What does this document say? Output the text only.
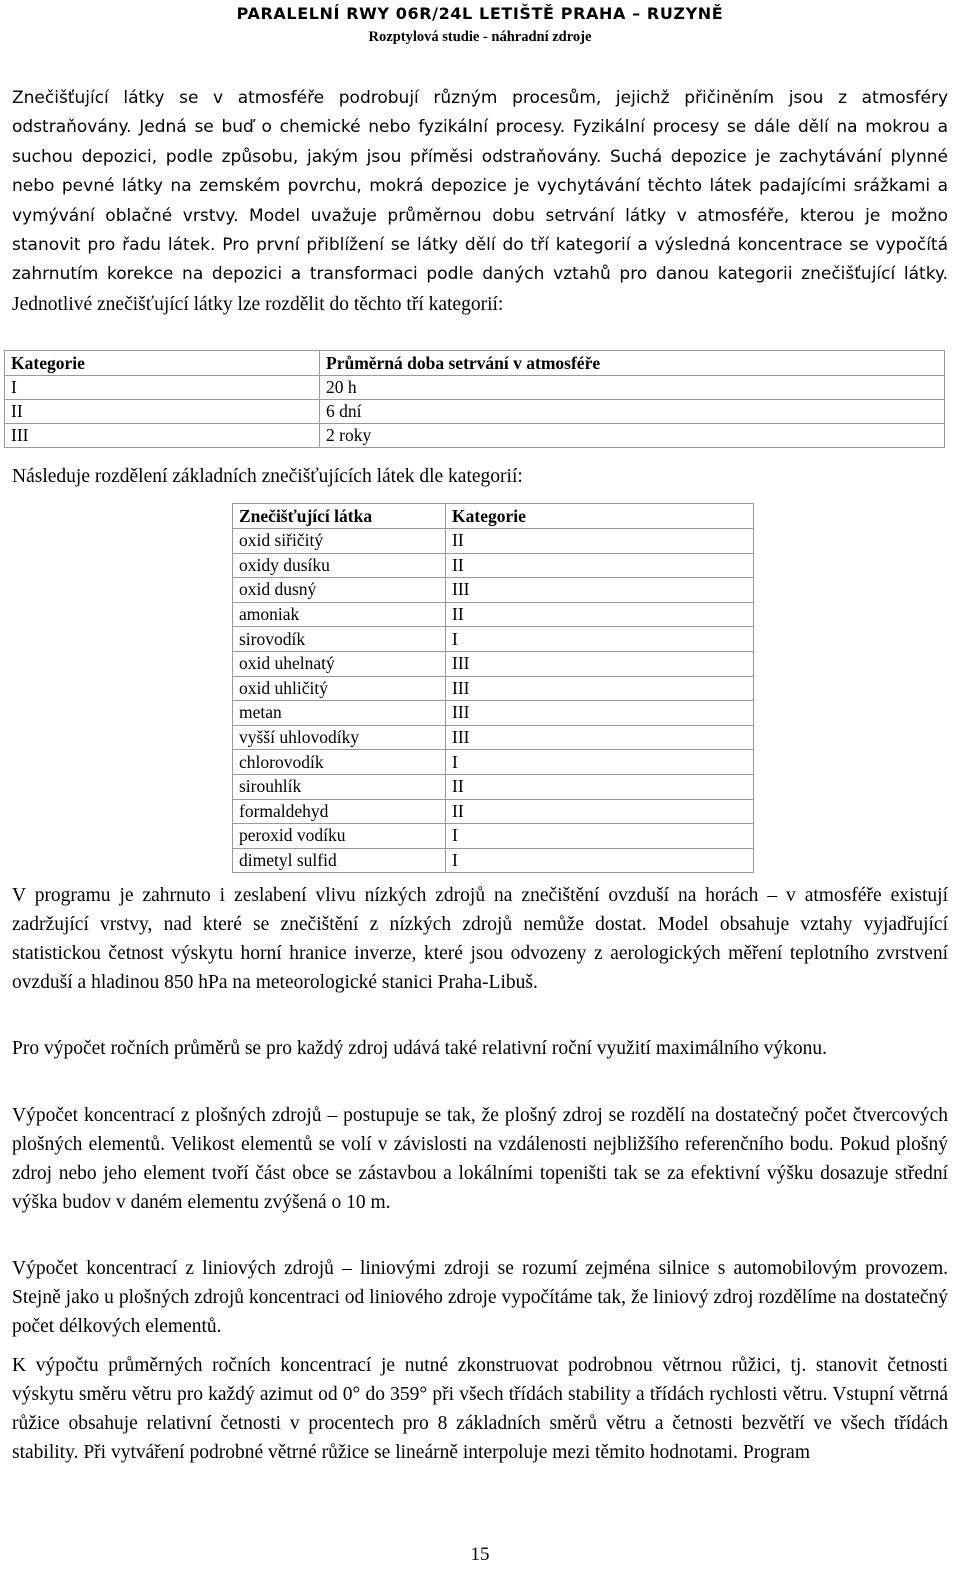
PARALELNÍ RWY 06R/24L LETIŠTĚ PRAHA – RUZYNĚ
Rozptylová studie - náhradní zdroje

Znečišťující látky se v atmosféře podrobují různým procesům, jejichž přičiněním jsou z atmosféry odstraňovány. Jedná se buď o chemické nebo fyzikální procesy. Fyzikální procesy se dále dělí na mokrou a suchou depozici, podle způsobu, jakým jsou příměsi odstraňovány. Suchá depozice je zachytávání plynné nebo pevné látky na zemském povrchu, mokrá depozice je vychytávání těchto látek padajícími srážkami a vymývání oblačné vrstvy. Model uvažuje průměrnou dobu setrvání látky v atmosféře, kterou je možno stanovit pro řadu látek. Pro první přiblížení se látky dělí do tří kategorií a výsledná koncentrace se vypočítá zahrnutím korekce na depozici a transformaci podle daných vztahů pro danou kategorii znečišťující látky. Jednotlivé znečišťující látky lze rozdělit do těchto tří kategorií:

Kategorie	Průměrná doba setrvání v atmosféře
I	20 h
II	6 dní
III	2 roky

Následuje rozdělení základních znečišťujících látek dle kategorií:

Znečišťující látka	Kategorie
oxid siřičitý	II
oxidy dusíku	II
oxid dusný	III
amoniak	II
sirovodík	I
oxid uhelnatý	III
oxid uhličitý	III
metan	III
vyšší uhlovodíky	III
chlorovodík	I
sirouhlík	II
formaldehyd	II
peroxid vodíku	I
dimetyl sulfid	I

V programu je zahrnuto i zeslabení vlivu nízkých zdrojů na znečištění ovzduší na horách – v atmosféře existují zadržující vrstvy, nad které se znečištění z nízkých zdrojů nemůže dostat. Model obsahuje vztahy vyjadřující statistickou četnost výskytu horní hranice inverze, které jsou odvozeny z aerologických měření teplotního zvrstvení ovzduší a hladinou 850 hPa na meteorologické stanici Praha-Libuš.

Pro výpočet ročních průměrů se pro každý zdroj udává také relativní roční využití maximálního výkonu.

Výpočet koncentrací z plošných zdrojů – postupuje se tak, že plošný zdroj se rozdělí na dostatečný počet čtvercových plošných elementů. Velikost elementů se volí v závislosti na vzdálenosti nejbližšího referenčního bodu. Pokud plošný zdroj nebo jeho element tvoří část obce se zástavbou a lokálními topeništi tak se za efektivní výšku dosazuje střední výška budov v daném elementu zvýšená o 10 m.

Výpočet koncentrací z liniových zdrojů – liniovými zdroji se rozumí zejména silnice s automobilovým provozem. Stejně jako u plošných zdrojů koncentraci od liniového zdroje vypočítáme tak, že liniový zdroj rozdělíme na dostatečný počet délkových elementů.

K výpočtu průměrných ročních koncentrací je nutné zkonstruovat podrobnou větrnou růžici, tj. stanovit četnosti výskytu směru větru pro každý azimut od 0° do 359° při všech třídách stability a třídách rychlosti větru. Vstupní větrná růžice obsahuje relativní četnosti v procentech pro 8 základních směrů větru a četnosti bezvětří ve všech třídách stability. Při vytváření podrobné větrné růžice se lineárně interpoluje mezi těmito hodnotami. Program

15
